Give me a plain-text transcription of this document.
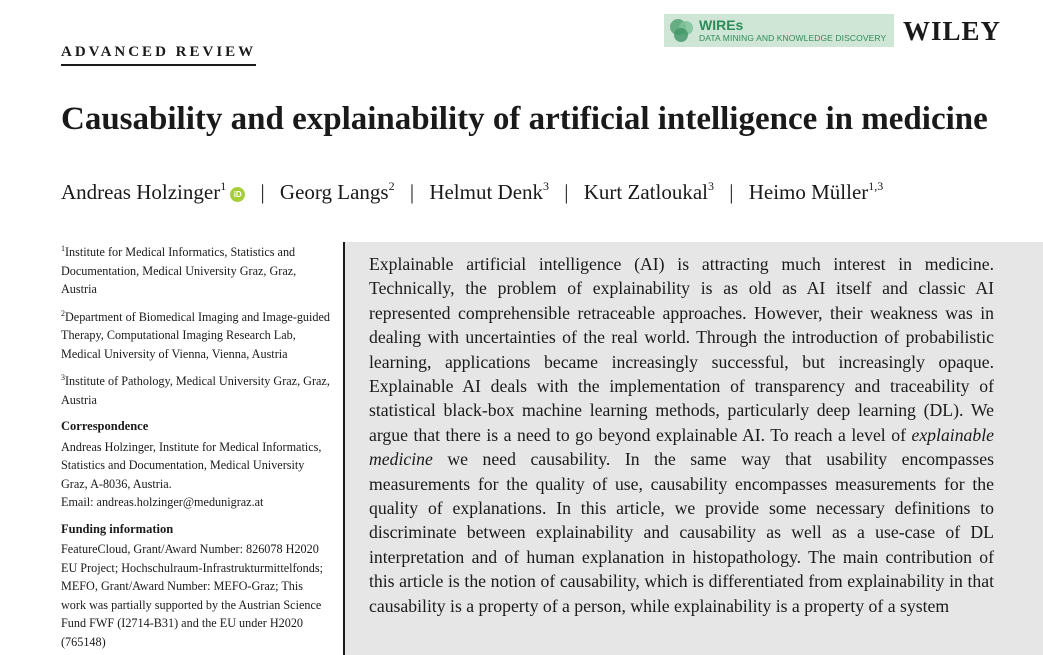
ADVANCED REVIEW
WIREs
DATA MINING AND KNOWLEDGE DISCOVERY WILEY
Causability and explainability of artificial intelligence in medicine
Andreas Holzinger$^1$iD | Georg Langs$^2$ | Helmut Denk$^3$ | Kurt Zatloukal$^3$ | Heimo Müller$^{1,3}$

$^1$Institute for Medical Informatics, Statistics and Documentation, Medical University Graz, Graz, Austria

$^2$Department of Biomedical Imaging and Image-guided Therapy, Computational Imaging Research Lab, Medical University of Vienna, Vienna, Austria

$^3$Institute of Pathology, Medical University Graz, Graz, Austria

Correspondence
Andreas Holzinger, Institute for Medical Informatics, Statistics and Documentation, Medical University Graz, A-8036, Austria.
Email: andreas.holzinger@medunigraz.at
Funding information
FeatureCloud, Grant/Award Number: 826078 H2020 EU Project; Hochschulraum-Infrastrukturmittelfonds; MEFO, Grant/Award Number: MEFO-Graz; This work was partially supported by the Austrian Science Fund FWF (I2714-B31) and the EU under H2020 (765148)

Explainable artificial intelligence (AI) is attracting much interest in medicine. Technically, the problem of explainability is as old as AI itself and classic AI represented comprehensible retraceable approaches. However, their weakness was in dealing with uncertainties of the real world. Through the introduction of probabilistic learning, applications became increasingly successful, but increasingly opaque. Explainable AI deals with the implementation of transparency and traceability of statistical black-box machine learning methods, particularly deep learning (DL). We argue that there is a need to go beyond explainable AI. To reach a level of explainable medicine we need causability. In the same way that usability encompasses measurements for the quality of use, causability encompasses measurements for the quality of explanations. In this article, we provide some necessary definitions to discriminate between explainability and causability as well as a use-case of DL interpretation and of human explanation in histopathology. The main contribution of this article is the notion of causability, which is differentiated from explainability in that causability is a property of a person, while explainability is a property of a system
